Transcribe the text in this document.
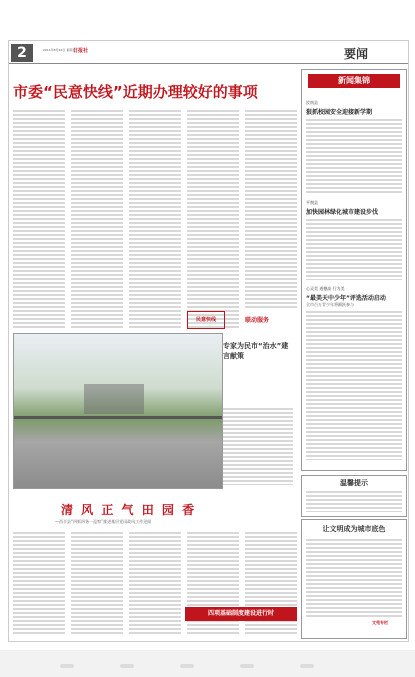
2	日报社
2011年8月26日 星期五	要闻
市委“民意快线”近期办理较好的事项
民意快线	联动服务
专家为民市“治水”建言献策
清 风 正 气 田 园 香
—西半县“四抓四务一巡察”推进基层党风政风工作见闻
四项基础制度建设进行时
新闻集锦
汝南县
狠抓校园安全迎接新学期
平舆县
加快园林绿化城市建设步伐
心灵美 道德高 行为美
“最美天中少年”评选活动启动
全市百万青少年将踊跃参与
温馨提示
让文明成为城市底色
文苑专栏
